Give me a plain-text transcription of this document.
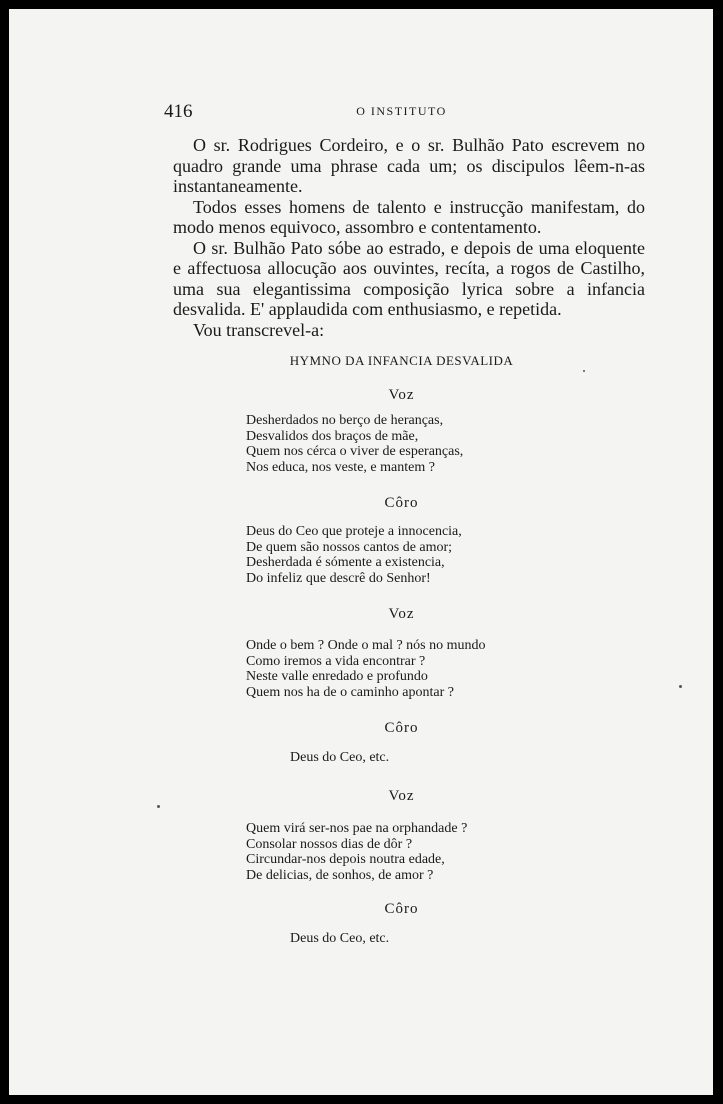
416	O INSTITUTO

O sr. Rodrigues Cordeiro, e o sr. Bulhão Pato escrevem no quadro grande uma phrase cada um; os discipulos lêem-n-as instantaneamente.

Todos esses homens de talento e instrucção manifestam, do modo menos equivoco, assombro e contentamento.

O sr. Bulhão Pato sóbe ao estrado, e depois de uma eloquente e affectuosa allocução aos ouvintes, recíta, a rogos de Castilho, uma sua elegantissima composição lyrica sobre a infancia desvalida. E' applaudida com enthusiasmo, e repetida.

Vou transcrevel-a:

HYMNO DA INFANCIA DESVALIDA
Voz
Desherdados no berço de heranças,
Desvalidos dos braços de mãe,
Quem nos cérca o viver de esperanças,
Nos educa, nos veste, e mantem ?
Côro
Deus do Ceo que proteje a innocencia,
De quem são nossos cantos de amor;
Desherdada é sómente a existencia,
Do infeliz que descrê do Senhor!
Voz
Onde o bem ? Onde o mal ? nós no mundo
Como iremos a vida encontrar ?
Neste valle enredado e profundo
Quem nos ha de o caminho apontar ?
Côro
Deus do Ceo, etc.
Voz
Quem virá ser-nos pae na orphandade ?
Consolar nossos dias de dôr ?
Circundar-nos depois noutra edade,
De delicias, de sonhos, de amor ?
Côro
Deus do Ceo, etc.
